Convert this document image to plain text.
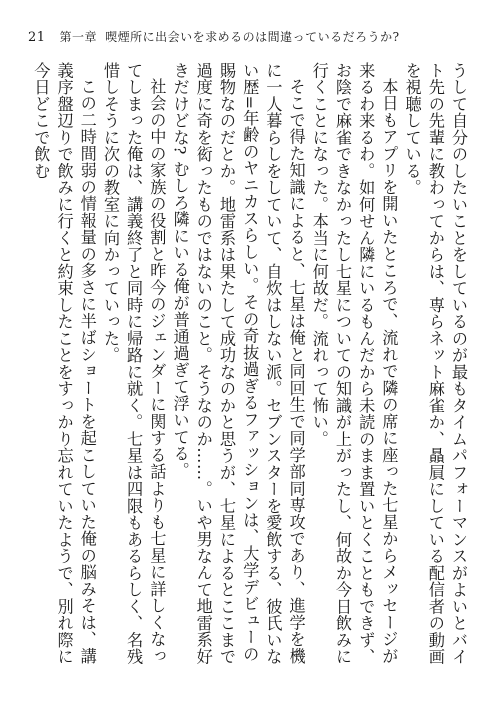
21 第一章 喫煙所に出会いを求めるのは間違っているだろうか?

うして自分のしたいことをしているのが最もタイムパフォーマンスがよいとバイト先の先輩に教わってからは、専らネット麻雀か、贔屓にしている配信者の動画を視聴している。

本日もアプリを開いたところで、流れで隣の席に座った七星からメッセージが来るわ来るわ。如何せん隣にいるもんだから未読のまま置いとくこともできず、お陰で麻雀できなかったし七星についての知識が上がったし、何故か今日飲みに行くことになった。本当に何故だ。流れって怖い。

そこで得た知識によると、七星は俺と同回生で同学部同専攻であり、進学を機に一人暮らしをしていて、自炊はしない派。セブンスターを愛飲する、彼氏いない歴=年齢のヤニカスらしい。その奇抜過ぎるファッションは、大学デビューの賜物なのだとか。地雷系は果たして成功なのかと思うが、七星によるとここまで過度に奇を衒ったものではないのこと。そうなのか……。いや男なんて地雷系好きだけどな? むしろ隣にいる俺が普通過ぎて浮いてる。

社会の中の家族の役割と昨今のジェンダーに関する話よりも七星に詳しくなってしまった俺は、講義終了と同時に帰路に就く。七星は四限もあるらしく、名残惜しそうに次の教室に向かっていった。

この二時間弱の情報量の多さに半ばショートを起こしていた俺の脳みそは、講義序盤辺りで飲みに行くと約束したことをすっかり忘れていたようで、別れ際に今日どこで飲む
